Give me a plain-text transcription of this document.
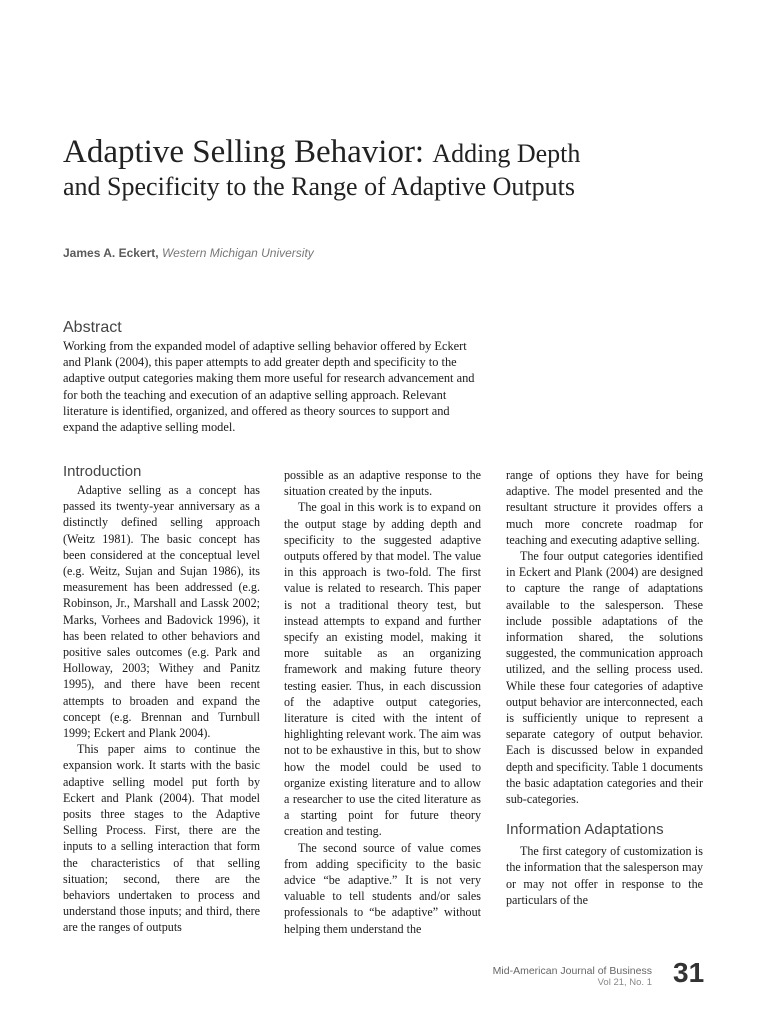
Adaptive Selling Behavior: Adding Depth
and Specificity to the Range of Adaptive Outputs
James A. Eckert, Western Michigan University
Abstract
Working from the expanded model of adaptive selling behavior offered by Eckert and Plank (2004), this paper attempts to add greater depth and specificity to the adaptive output categories making them more useful for research advancement and for both the teaching and execution of an adaptive selling approach. Relevant literature is identified, organized, and offered as theory sources to support and expand the adaptive selling model.
Introduction

Adaptive selling as a concept has passed its twenty-year anniversary as a distinctly defined selling approach (Weitz 1981). The basic concept has been considered at the conceptual level (e.g. Weitz, Sujan and Sujan 1986), its measurement has been addressed (e.g. Robinson, Jr., Marshall and Lassk 2002; Marks, Vorhees and Badovick 1996), it has been related to other behaviors and positive sales outcomes (e.g. Park and Holloway, 2003; Withey and Panitz 1995), and there have been recent attempts to broaden and expand the concept (e.g. Brennan and Turnbull 1999; Eckert and Plank 2004).

This paper aims to continue the expansion work. It starts with the basic adaptive selling model put forth by Eckert and Plank (2004). That model posits three stages to the Adaptive Selling Process. First, there are the inputs to a selling interaction that form the characteristics of that selling situation; second, there are the behaviors undertaken to process and understand those inputs; and third, there are the ranges of outputs

possible as an adaptive response to the situation created by the inputs.

The goal in this work is to expand on the output stage by adding depth and specificity to the suggested adaptive outputs offered by that model. The value in this approach is two-fold. The first value is related to research. This paper is not a traditional theory test, but instead attempts to expand and further specify an existing model, making it more suitable as an organizing framework and making future theory testing easier. Thus, in each discussion of the adaptive output categories, literature is cited with the intent of highlighting relevant work. The aim was not to be exhaustive in this, but to show how the model could be used to organize existing literature and to allow a researcher to use the cited literature as a starting point for future theory creation and testing.

The second source of value comes from adding specificity to the basic advice “be adaptive.” It is not very valuable to tell students and/or sales professionals to “be adaptive” without helping them understand the

range of options they have for being adaptive. The model presented and the resultant structure it provides offers a much more concrete roadmap for teaching and executing adaptive selling.

The four output categories identified in Eckert and Plank (2004) are designed to capture the range of adaptations available to the salesperson. These include possible adaptations of the information shared, the solutions suggested, the communication approach utilized, and the selling process used. While these four categories of adaptive output behavior are interconnected, each is sufficiently unique to represent a separate category of output behavior. Each is discussed below in expanded depth and specificity. Table 1 documents the basic adaptation categories and their sub-categories.

Information Adaptations

The first category of customization is the information that the salesperson may or may not offer in response to the particulars of the

Mid-American Journal of Business
Vol 21, No. 1 31
